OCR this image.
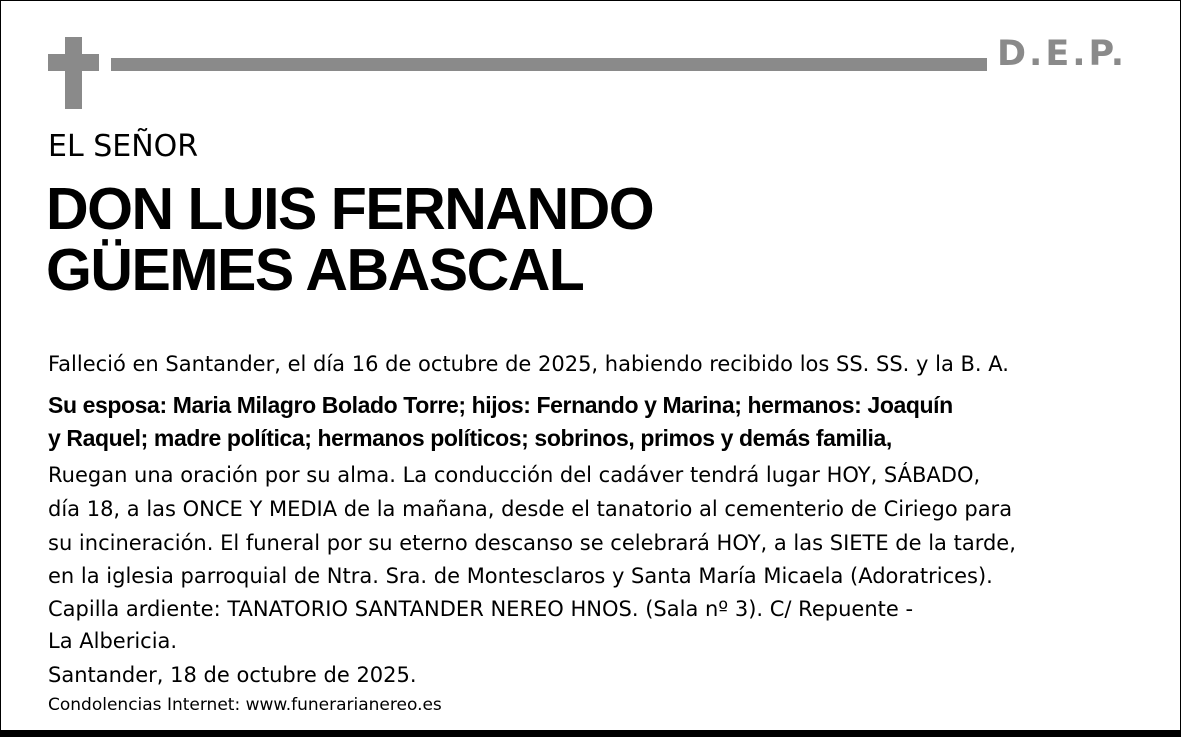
D.E.P.
EL SEÑOR
DON LUIS FERNANDO
GÜEMES ABASCAL
Falleció en Santander, el día 16 de octubre de 2025, habiendo recibido los SS. SS. y la B. A.
Su esposa: Maria Milagro Bolado Torre; hijos: Fernando y Marina; hermanos: Joaquín
y Raquel; madre política; hermanos políticos; sobrinos, primos y demás familia,
Ruegan una oración por su alma. La conducción del cadáver tendrá lugar HOY, SÁBADO,
día 18, a las ONCE Y MEDIA de la mañana, desde el tanatorio al cementerio de Ciriego para
su incineración. El funeral por su eterno descanso se celebrará HOY, a las SIETE de la tarde,
en la iglesia parroquial de Ntra. Sra. de Montesclaros y Santa María Micaela (Adoratrices).
Capilla ardiente: TANATORIO SANTANDER NEREO HNOS. (Sala nº 3). C/ Repuente -
La Albericia.
Santander, 18 de octubre de 2025.
Condolencias Internet: www.funerarianereo.es
